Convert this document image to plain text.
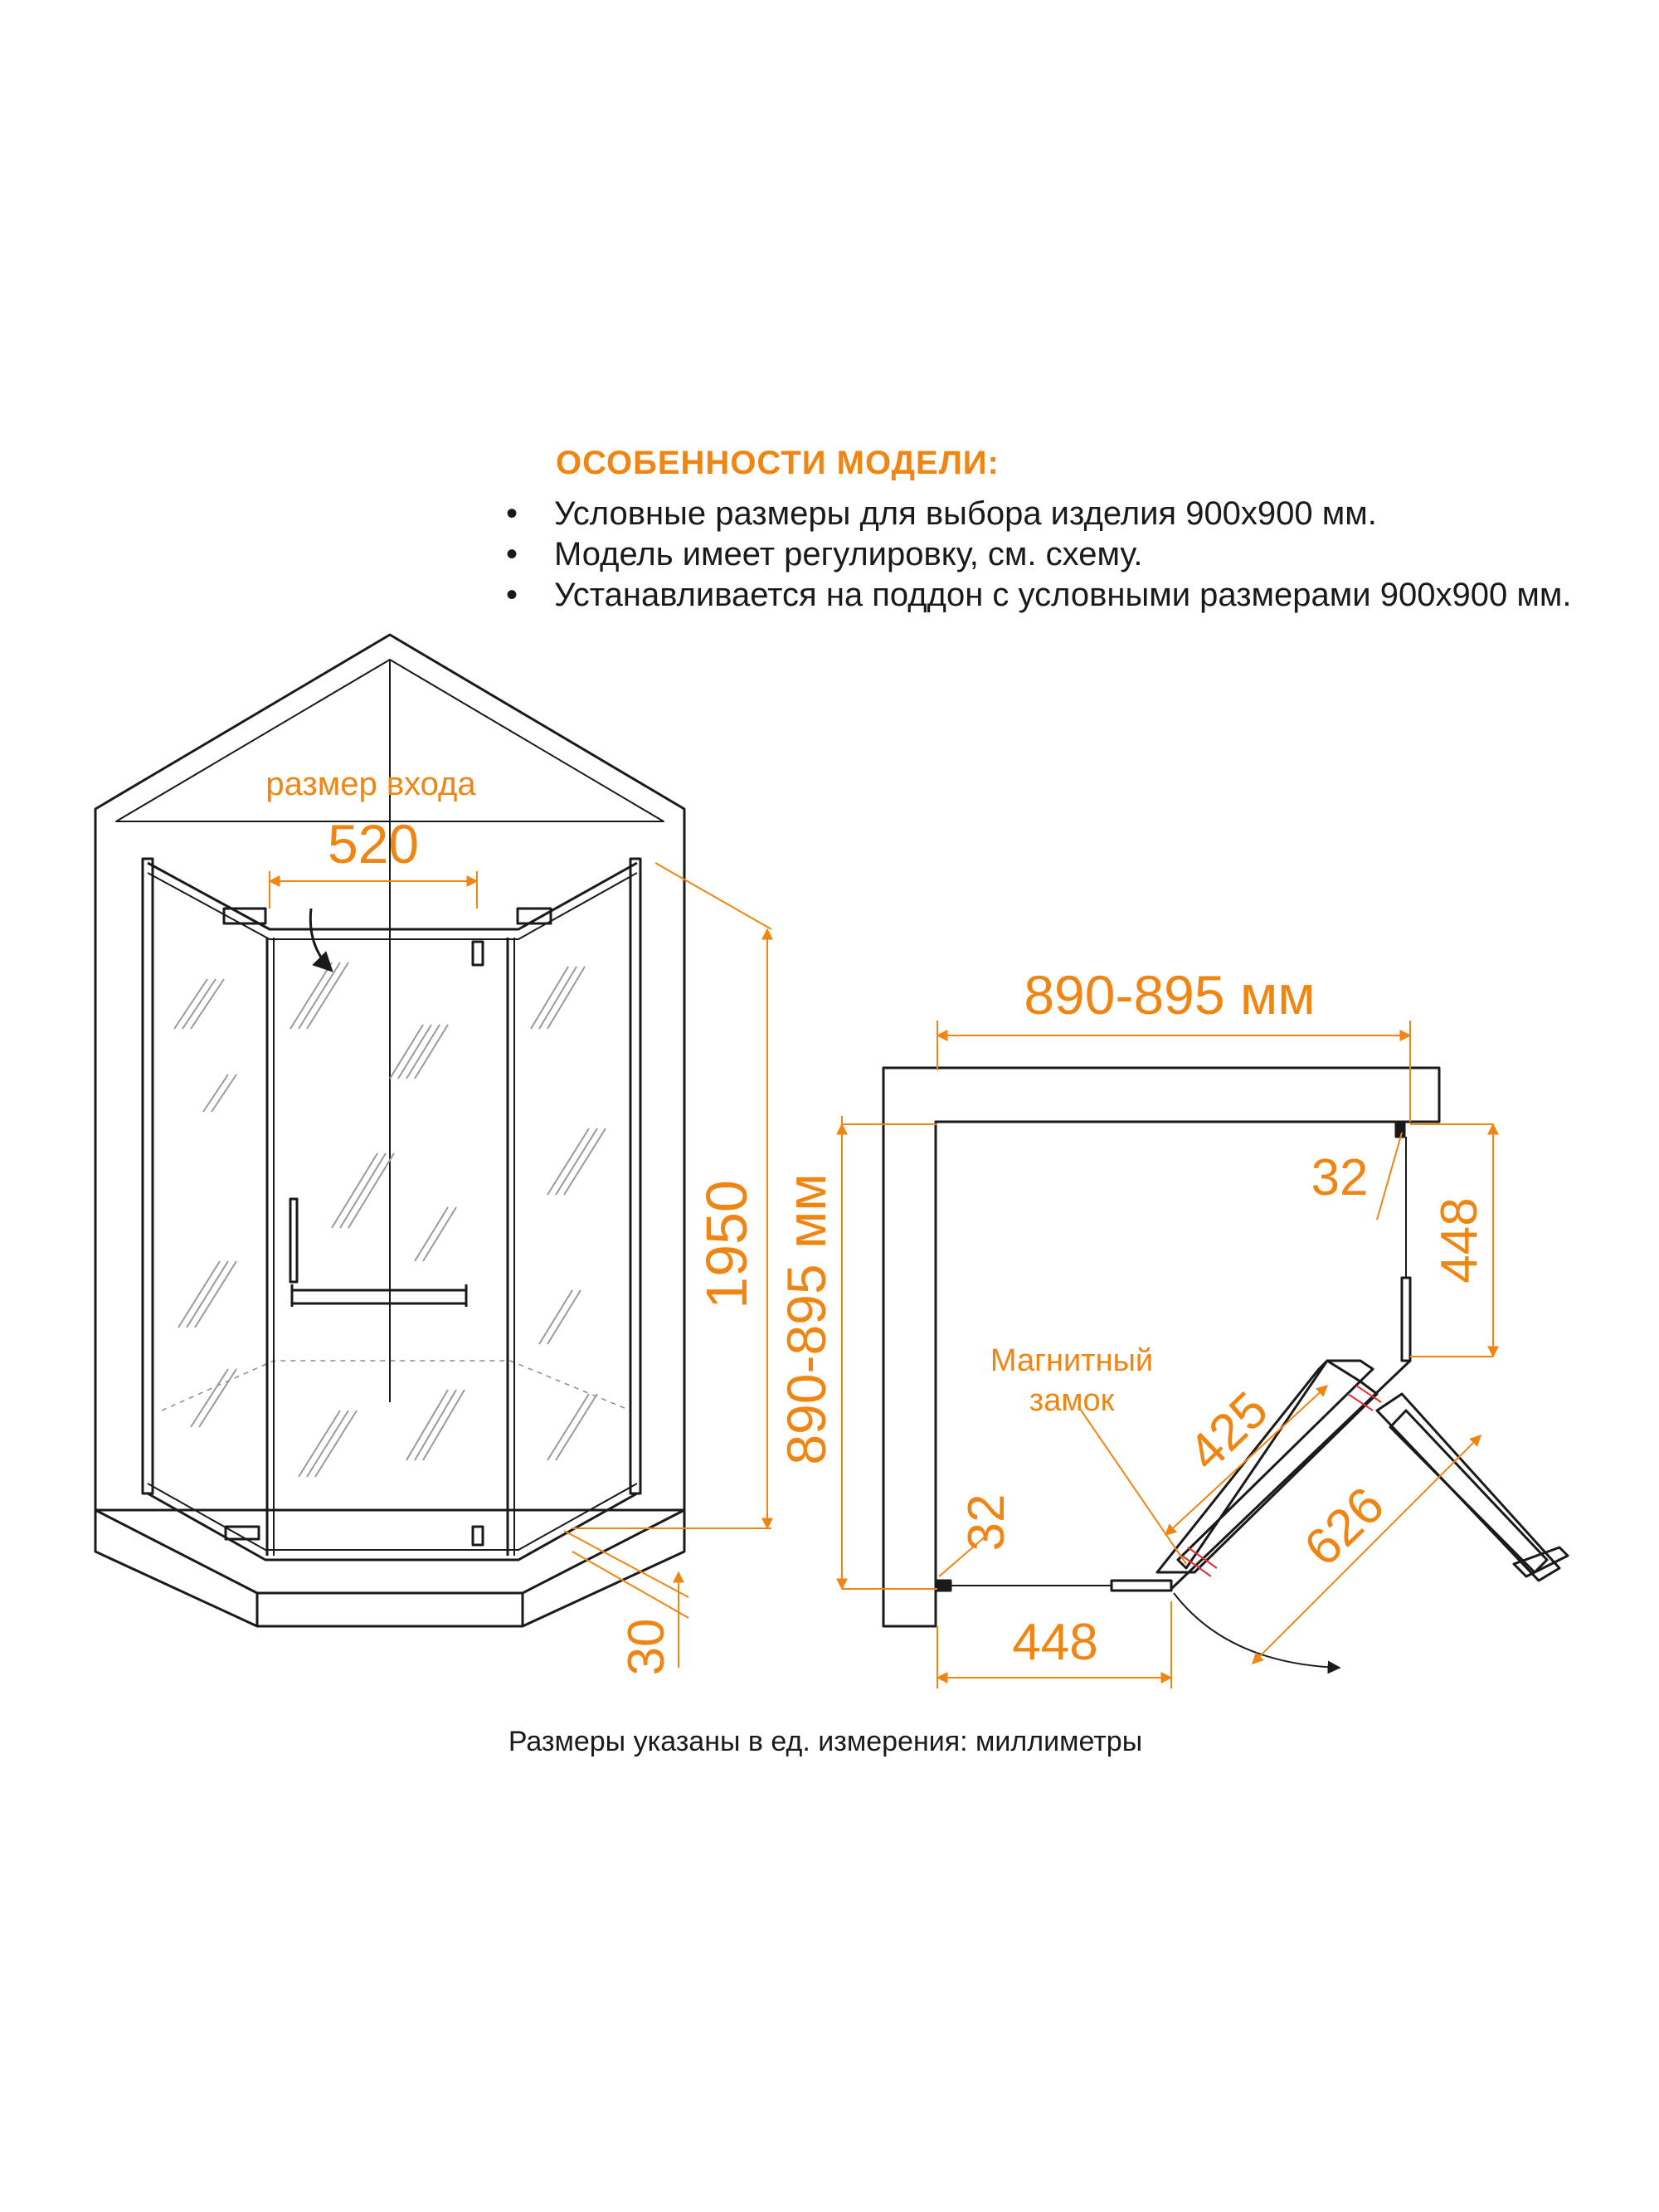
ОСОБЕННОСТИ МОДЕЛИ:
• Условные размеры для выбора изделия 900х900 мм.
• Модель имеет регулировку, см. схему.
• Устанавливается на поддон с условными размерами 900х900 мм.
размер входа
520
1950 890-895 мм
30
890-895 мм
32
448
Магнитный
замок 425
626
32
448
Размеры указаны в ед. измерения: миллиметры
